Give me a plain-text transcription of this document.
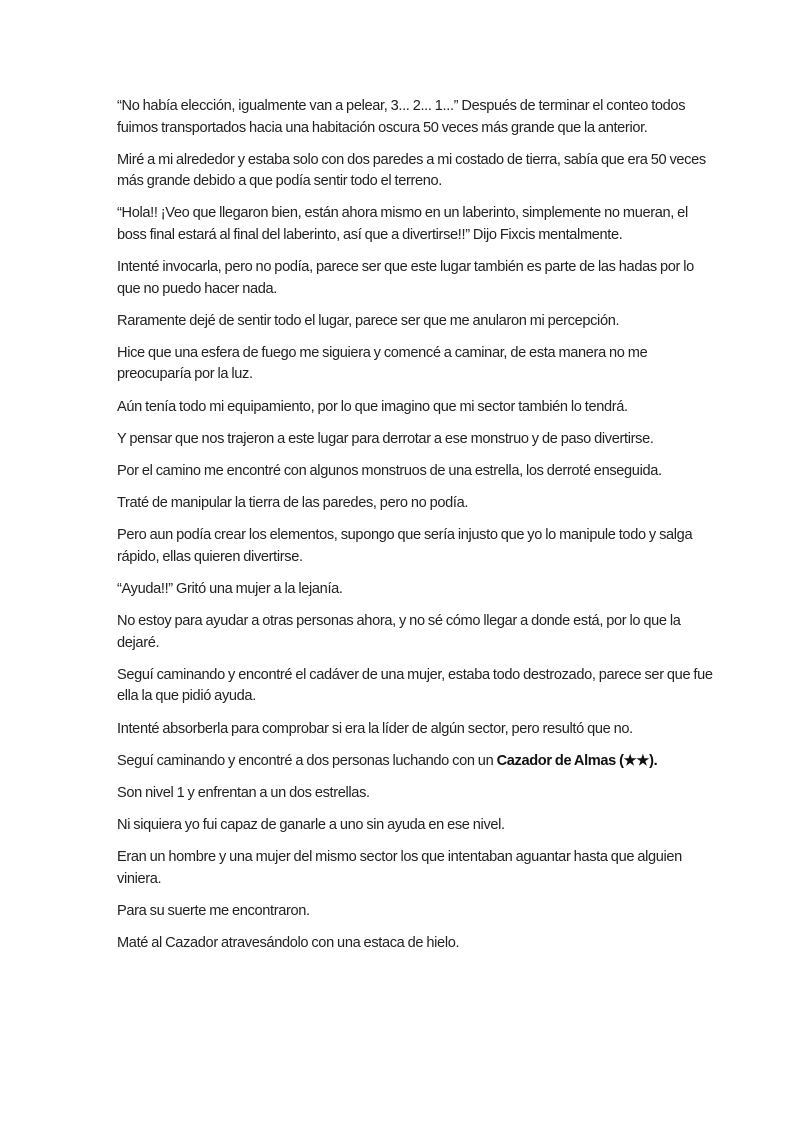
“No había elección, igualmente van a pelear, 3... 2... 1...” Después de terminar el conteo todos fuimos transportados hacia una habitación oscura 50 veces más grande que la anterior.

Miré a mi alrededor y estaba solo con dos paredes a mi costado de tierra, sabía que era 50 veces más grande debido a que podía sentir todo el terreno.

“Hola!! ¡Veo que llegaron bien, están ahora mismo en un laberinto, simplemente no mueran, el boss final estará al final del laberinto, así que a divertirse!!” Dijo Fixcis mentalmente.

Intenté invocarla, pero no podía, parece ser que este lugar también es parte de las hadas por lo que no puedo hacer nada.

Raramente dejé de sentir todo el lugar, parece ser que me anularon mi percepción.

Hice que una esfera de fuego me siguiera y comencé a caminar, de esta manera no me preocuparía por la luz.

Aún tenía todo mi equipamiento, por lo que imagino que mi sector también lo tendrá.

Y pensar que nos trajeron a este lugar para derrotar a ese monstruo y de paso divertirse.

Por el camino me encontré con algunos monstruos de una estrella, los derroté enseguida.

Traté de manipular la tierra de las paredes, pero no podía.

Pero aun podía crear los elementos, supongo que sería injusto que yo lo manipule todo y salga rápido, ellas quieren divertirse.

“Ayuda!!” Gritó una mujer a la lejanía.

No estoy para ayudar a otras personas ahora, y no sé cómo llegar a donde está, por lo que la dejaré.

Seguí caminando y encontré el cadáver de una mujer, estaba todo destrozado, parece ser que fue ella la que pidió ayuda.

Intenté absorberla para comprobar si era la líder de algún sector, pero resultó que no.

Seguí caminando y encontré a dos personas luchando con un Cazador de Almas (★★).

Son nivel 1 y enfrentan a un dos estrellas.

Ni siquiera yo fui capaz de ganarle a uno sin ayuda en ese nivel.

Eran un hombre y una mujer del mismo sector los que intentaban aguantar hasta que alguien viniera.

Para su suerte me encontraron.

Maté al Cazador atravesándolo con una estaca de hielo.
